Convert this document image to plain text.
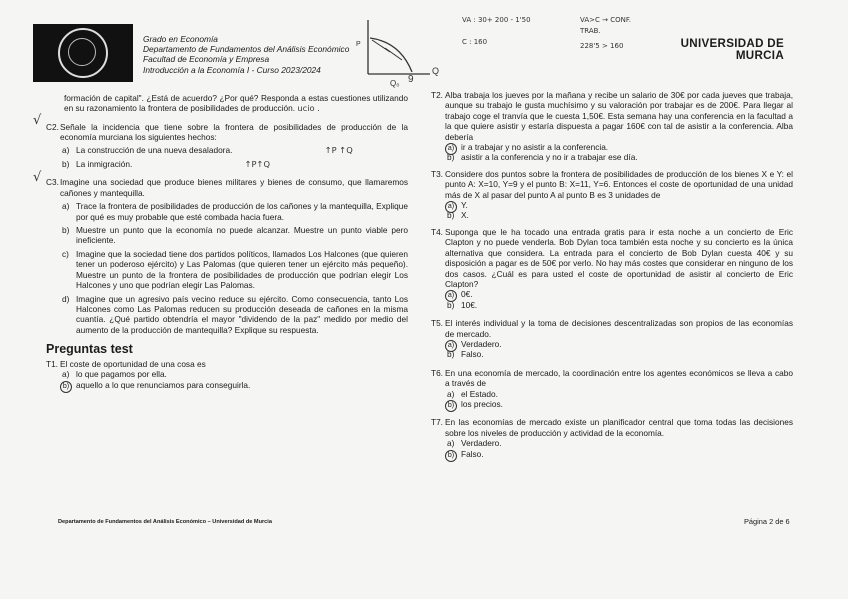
Grado en Economía
Departamento de Fundamentos del Análisis Económico
Facultad de Economía y Empresa
Introducción a la Economía I - Curso 2023/2024
P
Q₀ 9
Q
VA : 30+ 200 - 1'50
C : 160
VA>C → CONF.
TRAB.
228'5 > 160	UNIVERSIDAD DE
MURCIA
formación de capital". ¿Está de acuerdo? ¿Por qué? Responda a estas cuestiones utilizando en su razonamiento la frontera de posibilidades de producción. ucio .
√ C2. Señale la incidencia que tiene sobre la frontera de posibilidades de producción de la economía murciana los siguientes hechos:
a) La construcción de una nueva desaladora.	↑P ↑Q
b) La inmigración.	↑P↑Q
√ C3. Imagine una sociedad que produce bienes militares y bienes de consumo, que llamaremos cañones y mantequilla.
a) Trace la frontera de posibilidades de producción de los cañones y la mantequilla, Explique por qué es muy probable que esté combada hacia fuera.
b) Muestre un punto que la economía no puede alcanzar. Muestre un punto viable pero ineficiente.
c) Imagine que la sociedad tiene dos partidos políticos, llamados Los Halcones (que quieren tener un poderoso ejército) y Las Palomas (que quieren tener un ejército más pequeño). Muestre un punto de la frontera de posibilidades de producción que podrían elegir Los Halcones y uno que podrían elegir Las Palomas.
d) Imagine que un agresivo país vecino reduce su ejército. Como consecuencia, tanto Los Halcones como Las Palomas reducen su producción deseada de cañones en la misma cuantía. ¿Qué partido obtendría el mayor "dividendo de la paz" medido por medio del aumento de la producción de mantequilla? Explique su respuesta.
Preguntas test
T1. El coste de oportunidad de una cosa es
a) lo que pagamos por ella.
b) aquello a lo que renunciamos para conseguirla.
T2. Alba trabaja los jueves por la mañana y recibe un salario de 30€ por cada jueves que trabaja, aunque su trabajo le gusta muchísimo y su valoración por trabajar es de 200€. Para llegar al trabajo coge el tranvía que le cuesta 1,50€. Esta semana hay una conferencia en la facultad a la que quiere asistir y estaría dispuesta a pagar 160€ con tal de asistir a la conferencia. Alba debería
a) ir a trabajar y no asistir a la conferencia.
b) asistir a la conferencia y no ir a trabajar ese día.
T3. Considere dos puntos sobre la frontera de posibilidades de producción de los bienes X e Y: el punto A: X=10, Y=9 y el punto B: X=11, Y=6. Entonces el coste de oportunidad de una unidad más de X al pasar del punto A al punto B es 3 unidades de
a) Y.
b) X.
T4. Suponga que le ha tocado una entrada gratis para ir esta noche a un concierto de Eric Clapton y no puede venderla. Bob Dylan toca también esta noche y su concierto es la única alternativa que considera. La entrada para el concierto de Bob Dylan cuesta 40€ y su disposición a pagar es de 50€ por verlo. No hay más costes que considerar en ninguno de los dos casos. ¿Cuál es para usted el coste de oportunidad de asistir al concierto de Eric Clapton?
a) 0€.
b) 10€.
T5. El interés individual y la toma de decisiones descentralizadas son propios de las economías de mercado.
a) Verdadero.
b) Falso.
T6. En una economía de mercado, la coordinación entre los agentes económicos se lleva a cabo a través de
a) el Estado.
b) los precios.
T7. En las economías de mercado existe un planificador central que toma todas las decisiones sobre los niveles de producción y actividad de la economía.
a) Verdadero.
b) Falso.
Departamento de Fundamentos del Análisis Económico – Universidad de Murcia	Página 2 de 6
